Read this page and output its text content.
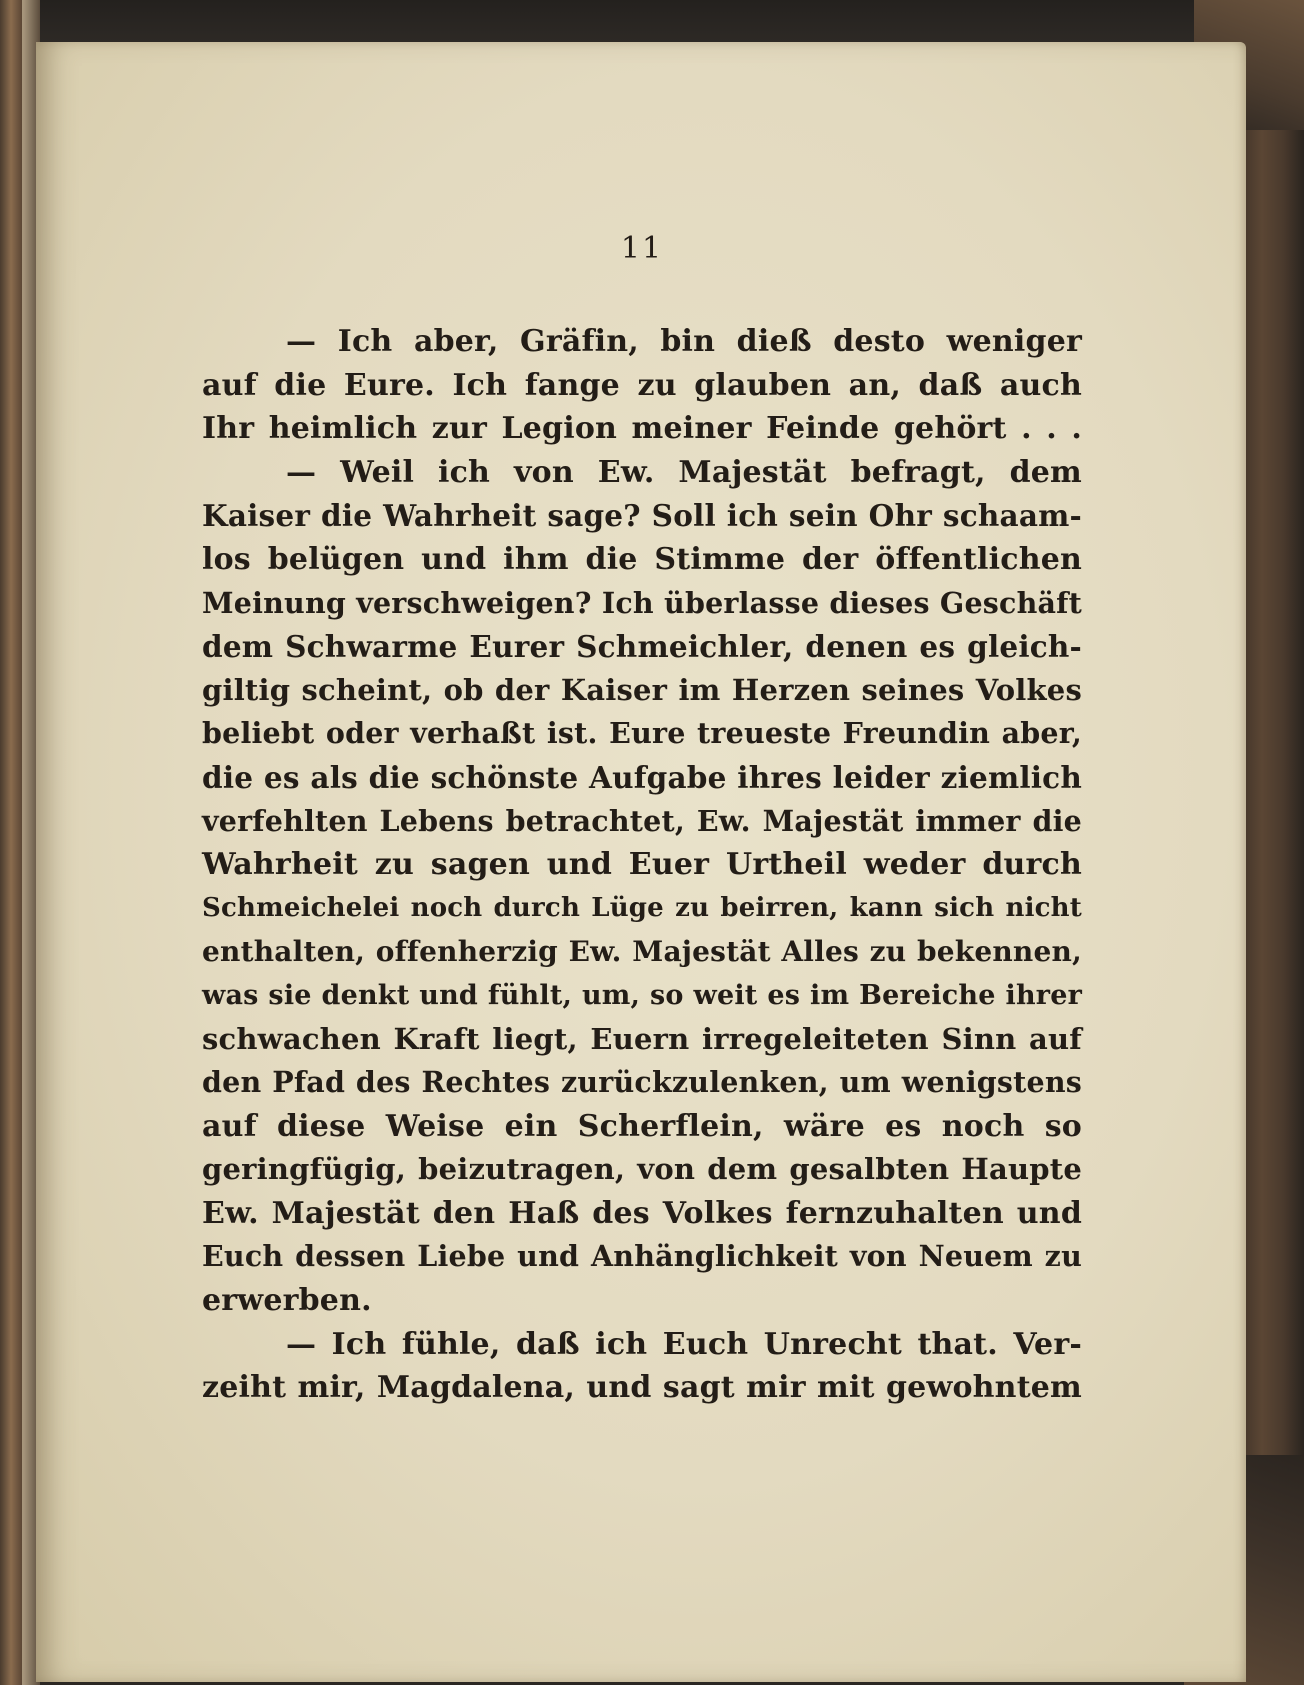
11
— Ich aber, Gräfin, bin dieß desto weniger
auf die Eure. Ich fange zu glauben an, daß auch
Ihr heimlich zur Legion meiner Feinde gehört . . .
— Weil ich von Ew. Majestät befragt, dem
Kaiser die Wahrheit sage? Soll ich sein Ohr schaam-
los belügen und ihm die Stimme der öffentlichen
Meinung verschweigen? Ich überlasse dieses Geschäft
dem Schwarme Eurer Schmeichler, denen es gleich-
giltig scheint, ob der Kaiser im Herzen seines Volkes
beliebt oder verhaßt ist. Eure treueste Freundin aber,
die es als die schönste Aufgabe ihres leider ziemlich
verfehlten Lebens betrachtet, Ew. Majestät immer die
Wahrheit zu sagen und Euer Urtheil weder durch
Schmeichelei noch durch Lüge zu beirren, kann sich nicht
enthalten, offenherzig Ew. Majestät Alles zu bekennen,
was sie denkt und fühlt, um, so weit es im Bereiche ihrer
schwachen Kraft liegt, Euern irregeleiteten Sinn auf
den Pfad des Rechtes zurückzulenken, um wenigstens
auf diese Weise ein Scherflein, wäre es noch so
geringfügig, beizutragen, von dem gesalbten Haupte
Ew. Majestät den Haß des Volkes fernzuhalten und
Euch dessen Liebe und Anhänglichkeit von Neuem zu
erwerben.
— Ich fühle, daß ich Euch Unrecht that. Ver-
zeiht mir, Magdalena, und sagt mir mit gewohntem
